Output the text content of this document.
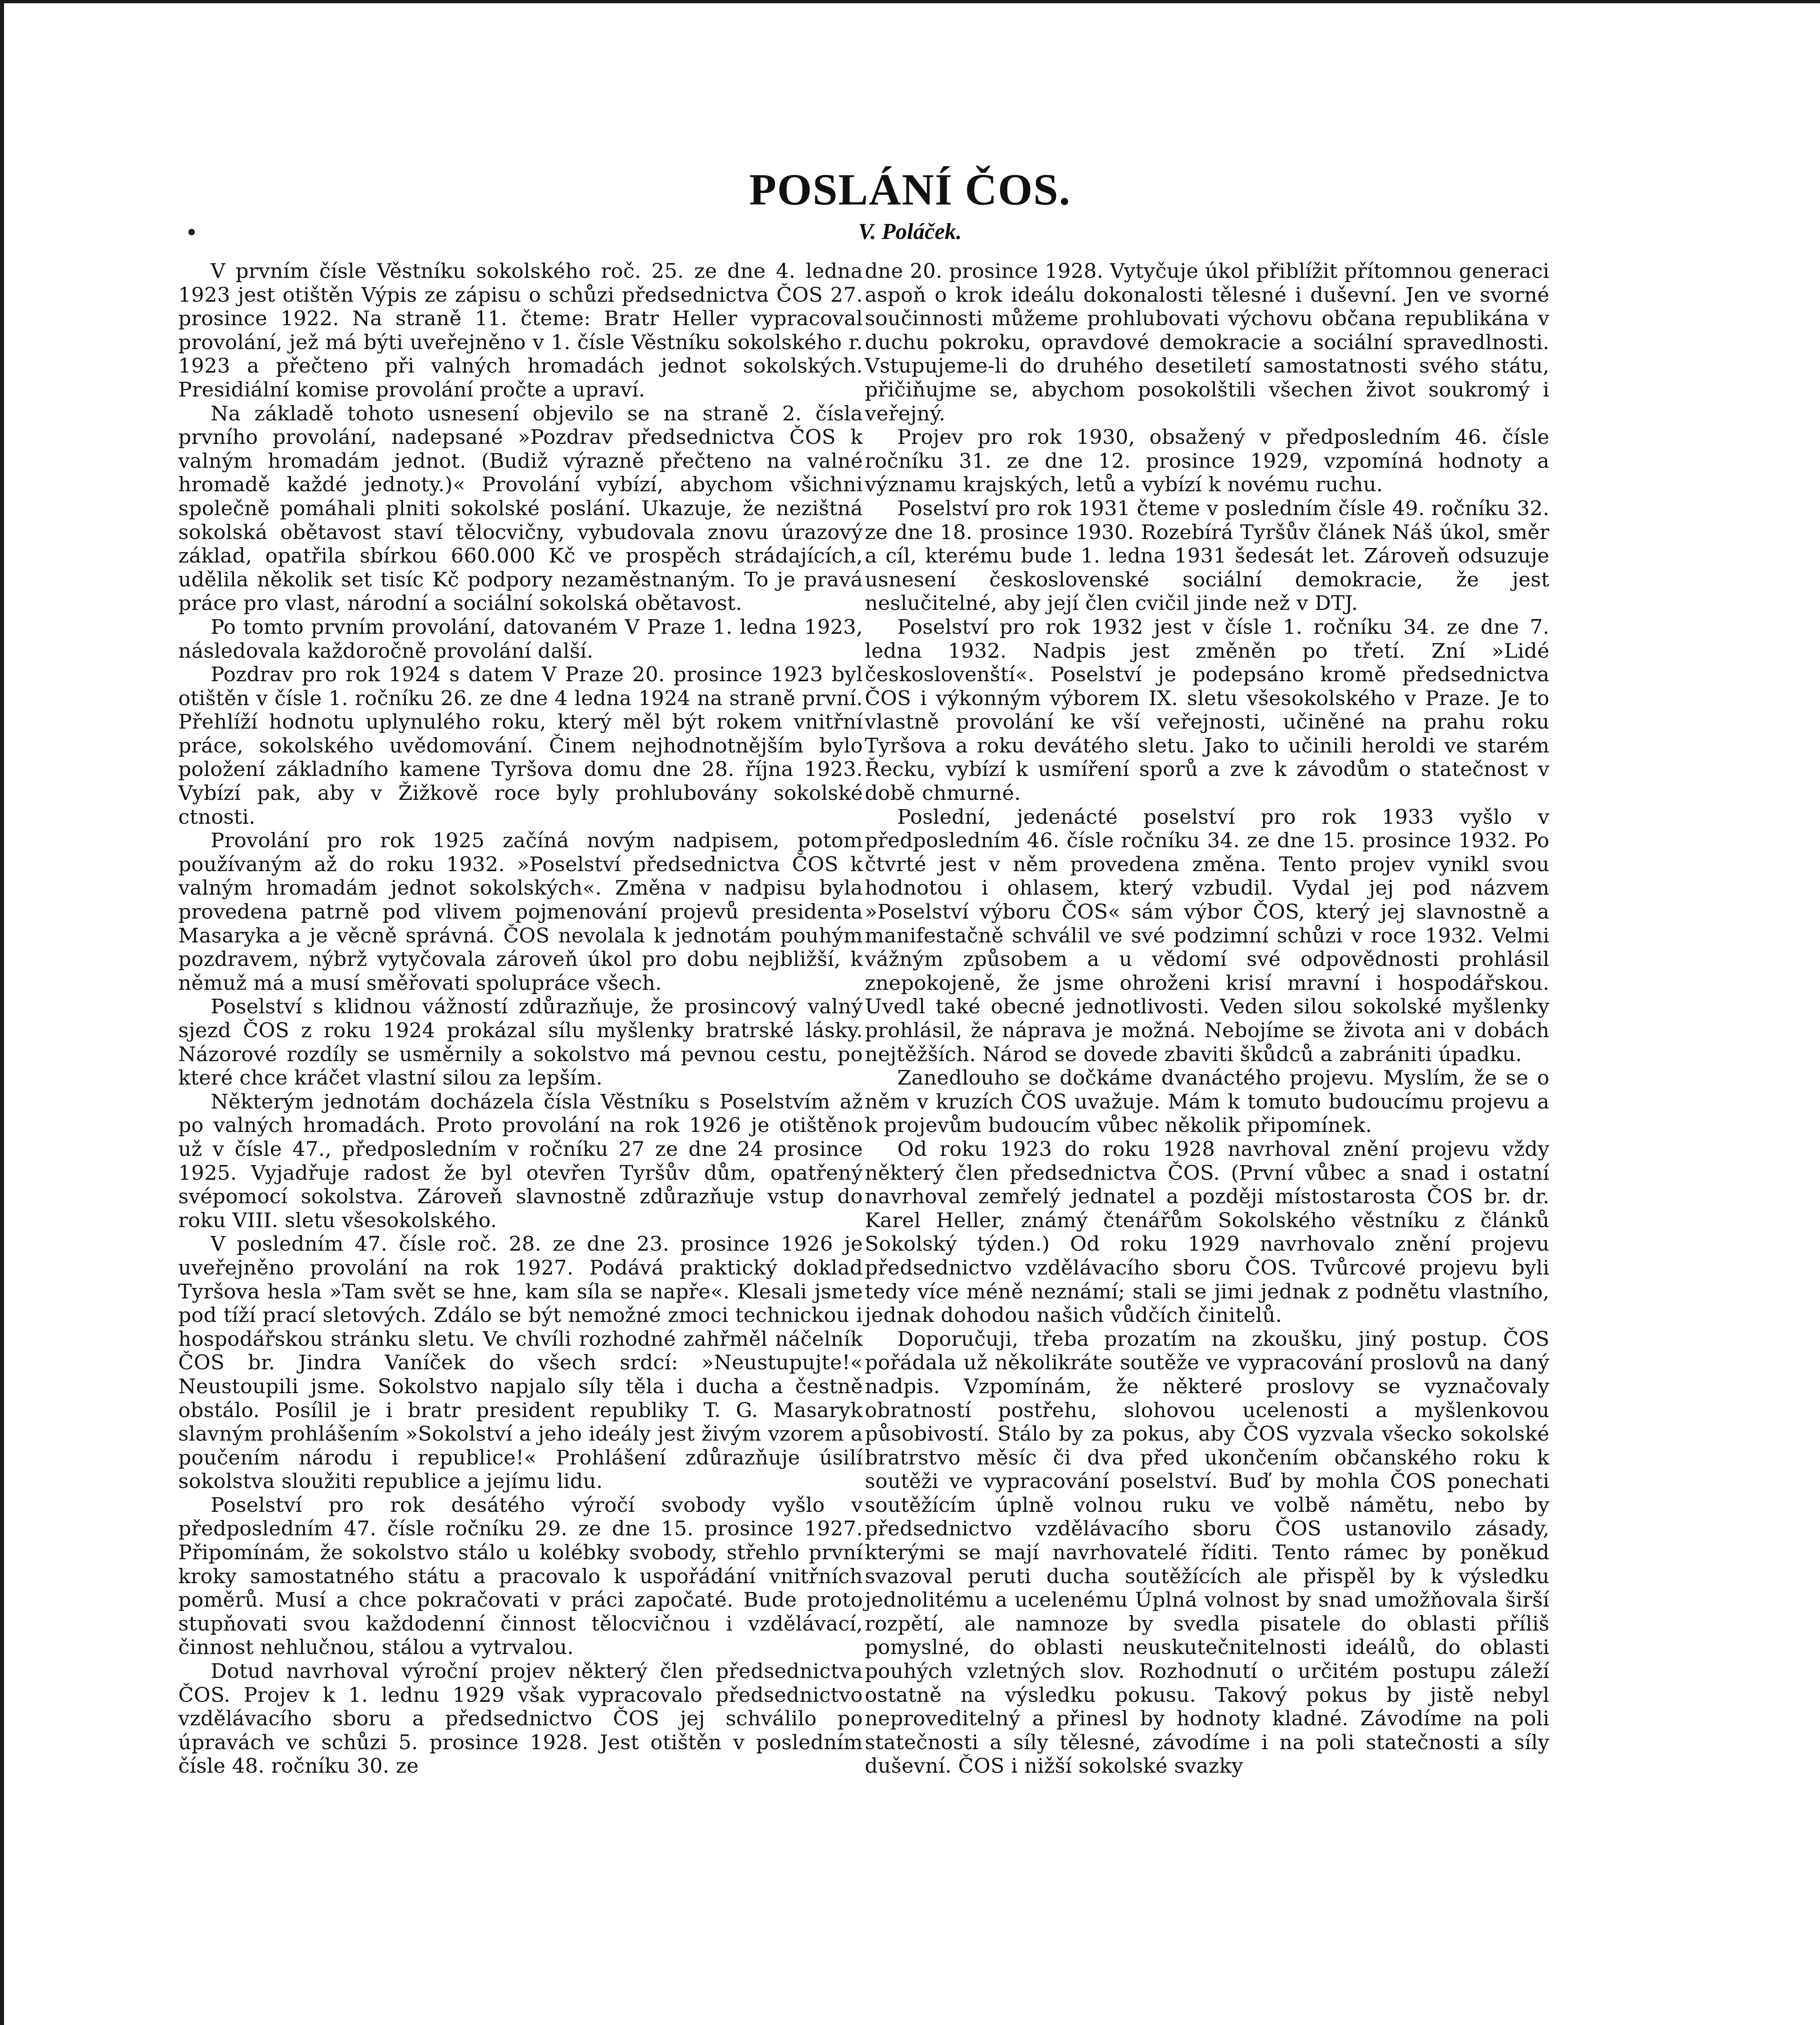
POSLÁNÍ ČOS.
V. Poláček.

V prvním čísle Věstníku sokolského roč. 25. ze dne 4. ledna 1923 jest otištěn Výpis ze zápisu o schůzi předsednictva ČOS 27. prosince 1922. Na straně 11. čteme: Bratr Heller vypracoval provolání, jež má býti uveřejněno v 1. čísle Věstníku sokolského r. 1923 a přečteno při valných hromadách jednot sokolských. Presidiální komise provolání pročte a upraví.

Na základě tohoto usnesení objevilo se na straně 2. čísla prvního provolání, nadepsané »Pozdrav předsednictva ČOS k valným hromadám jednot. (Budiž výrazně přečteno na valné hromadě každé jednoty.)« Provolání vybízí, abychom všichni společně pomáhali plniti sokolské poslání. Ukazuje, že nezištná sokolská obětavost staví tělocvičny, vybudovala znovu úrazový základ, opatřila sbírkou 660.000 Kč ve prospěch strádajících, udělila několik set tisíc Kč podpory nezaměstnaným. To je pravá práce pro vlast, národní a sociální sokolská obětavost.

Po tomto prvním provolání, datovaném V Praze 1. ledna 1923, následovala každoročně provolání další.

Pozdrav pro rok 1924 s datem V Praze 20. prosince 1923 byl otištěn v čísle 1. ročníku 26. ze dne 4 ledna 1924 na straně první. Přehlíží hodnotu uplynulého roku, který měl být rokem vnitřní práce, sokolského uvědomování. Činem nejhodnotnějším bylo položení základního kamene Tyršova domu dne 28. října 1923. Vybízí pak, aby v Žižkově roce byly prohlubovány sokolské ctnosti.

Provolání pro rok 1925 začíná novým nadpisem, potom používaným až do roku 1932. »Poselství předsednictva ČOS k valným hromadám jednot sokolských«. Změna v nadpisu byla provedena patrně pod vlivem pojmenování projevů presidenta Masaryka a je věcně správná. ČOS nevolala k jednotám pouhým pozdravem, nýbrž vytyčovala zároveň úkol pro dobu nejbližší, k němuž má a musí směřovati spolupráce všech.

Poselství s klidnou vážností zdůrazňuje, že prosincový valný sjezd ČOS z roku 1924 prokázal sílu myšlenky bratrské lásky. Názorové rozdíly se usměrnily a sokolstvo má pevnou cestu, po které chce kráčet vlastní silou za lepším.

Některým jednotám docházela čísla Věstníku s Poselstvím až po valných hromadách. Proto provolání na rok 1926 je otištěno už v čísle 47., předposledním v ročníku 27 ze dne 24 prosince 1925. Vyjadřuje radost že byl otevřen Tyršův dům, opatřený svépomocí sokolstva. Zároveň slavnostně zdůrazňuje vstup do roku VIII. sletu všesokolského.

V posledním 47. čísle roč. 28. ze dne 23. prosince 1926 je uveřejněno provolání na rok 1927. Podává praktický doklad Tyršova hesla »Tam svět se hne, kam síla se napře«. Klesali jsme pod tíží prací sletových. Zdálo se být nemožné zmoci technickou i hospodářskou stránku sletu. Ve chvíli rozhodné zahřměl náčelník ČOS br. Jindra Vaníček do všech srdcí: »Neustupujte!« Neustoupili jsme. Sokolstvo napjalo síly těla i ducha a čestně obstálo. Posílil je i bratr president republiky T. G. Masaryk slavným prohlášením »Sokolství a jeho ideály jest živým vzorem a poučením národu i republice!« Prohlášení zdůrazňuje úsilí sokolstva sloužiti republice a jejímu lidu.

Poselství pro rok desátého výročí svobody vyšlo v předposledním 47. čísle ročníku 29. ze dne 15. prosince 1927. Připomínám, že sokolstvo stálo u kolébky svobody, střehlo první kroky samostatného státu a pracovalo k uspořádání vnitřních poměrů. Musí a chce pokračovati v práci započaté. Bude proto stupňovati svou každodenní činnost tělocvičnou i vzdělávací, činnost nehlučnou, stálou a vytrvalou.

Dotud navrhoval výroční projev některý člen předsednictva ČOS. Projev k 1. lednu 1929 však vypracovalo předsednictvo vzdělávacího sboru a předsednictvo ČOS jej schválilo po úpravách ve schůzi 5. prosince 1928. Jest otištěn v posledním čísle 48. ročníku 30. ze

dne 20. prosince 1928. Vytyčuje úkol přiblížit přítomnou generaci aspoň o krok ideálu dokonalosti tělesné i duševní. Jen ve svorné součinnosti můžeme prohlubovati výchovu občana republikána v duchu pokroku, opravdové demokracie a sociální spravedlnosti. Vstupujeme-li do druhého desetiletí samostatnosti svého státu, přičiňujme se, abychom posokolštili všechen život soukromý i veřejný.

Projev pro rok 1930, obsažený v předposledním 46. čísle ročníku 31. ze dne 12. prosince 1929, vzpomíná hodnoty a významu krajských, letů a vybízí k novému ruchu.

Poselství pro rok 1931 čteme v posledním čísle 49. ročníku 32. ze dne 18. prosince 1930. Rozebírá Tyršův článek Náš úkol, směr a cíl, kterému bude 1. ledna 1931 šedesát let. Zároveň odsuzuje usnesení československé sociální demokracie, že jest neslučitelné, aby její člen cvičil jinde než v DTJ.

Poselství pro rok 1932 jest v čísle 1. ročníku 34. ze dne 7. ledna 1932. Nadpis jest změněn po třetí. Zní »Lidé českoslovenští«. Poselství je podepsáno kromě předsednictva ČOS i výkonným výborem IX. sletu všesokolského v Praze. Je to vlastně provolání ke vší veřejnosti, učiněné na prahu roku Tyršova a roku devátého sletu. Jako to učinili heroldi ve starém Řecku, vybízí k usmíření sporů a zve k závodům o statečnost v době chmurné.

Poslední, jedenácté poselství pro rok 1933 vyšlo v předposledním 46. čísle ročníku 34. ze dne 15. prosince 1932. Po čtvrté jest v něm provedena změna. Tento projev vynikl svou hodnotou i ohlasem, který vzbudil. Vydal jej pod názvem »Poselství výboru ČOS« sám výbor ČOS, který jej slavnostně a manifestačně schválil ve své podzimní schůzi v roce 1932. Velmi vážným způsobem a u vědomí své odpovědnosti prohlásil znepokojeně, že jsme ohroženi krisí mravní i hospodářskou. Uvedl také obecné jednotlivosti. Veden silou sokolské myšlenky prohlásil, že náprava je možná. Nebojíme se života ani v dobách nejtěžších. Národ se dovede zbaviti škůdců a zabrániti úpadku.

Zanedlouho se dočkáme dvanáctého projevu. Myslím, že se o něm v kruzích ČOS uvažuje. Mám k tomuto budoucímu projevu a k projevům budoucím vůbec několik připomínek.

Od roku 1923 do roku 1928 navrhoval znění projevu vždy některý člen předsednictva ČOS. (První vůbec a snad i ostatní navrhoval zemřelý jednatel a později místostarosta ČOS br. dr. Karel Heller, známý čtenářům Sokolského věstníku z článků Sokolský týden.) Od roku 1929 navrhovalo znění projevu předsednictvo vzdělávacího sboru ČOS. Tvůrcové projevu byli tedy více méně neznámí; stali se jimi jednak z podnětu vlastního, jednak dohodou našich vůdčích činitelů.

Doporučuji, třeba prozatím na zkoušku, jiný postup. ČOS pořádala už několikráte soutěže ve vypracování proslovů na daný nadpis. Vzpomínám, že některé proslovy se vyznačovaly obratností postřehu, slohovou ucelenosti a myšlenkovou působivostí. Stálo by za pokus, aby ČOS vyzvala všecko sokolské bratrstvo měsíc či dva před ukončením občanského roku k soutěži ve vypracování poselství. Buď by mohla ČOS ponechati soutěžícím úplně volnou ruku ve volbě námětu, nebo by předsednictvo vzdělávacího sboru ČOS ustanovilo zásady, kterými se mají navrhovatelé říditi. Tento rámec by poněkud svazoval peruti ducha soutěžících ale přispěl by k výsledku jednolitému a ucelenému Úplná volnost by snad umožňovala širší rozpětí, ale namnoze by svedla pisatele do oblasti příliš pomyslné, do oblasti neuskutečnitelnosti ideálů, do oblasti pouhých vzletných slov. Rozhodnutí o určitém postupu záleží ostatně na výsledku pokusu. Takový pokus by jistě nebyl neproveditelný a přinesl by hodnoty kladné. Závodíme na poli statečnosti a síly tělesné, závodíme i na poli statečnosti a síly duševní. ČOS i nižší sokolské svazky
